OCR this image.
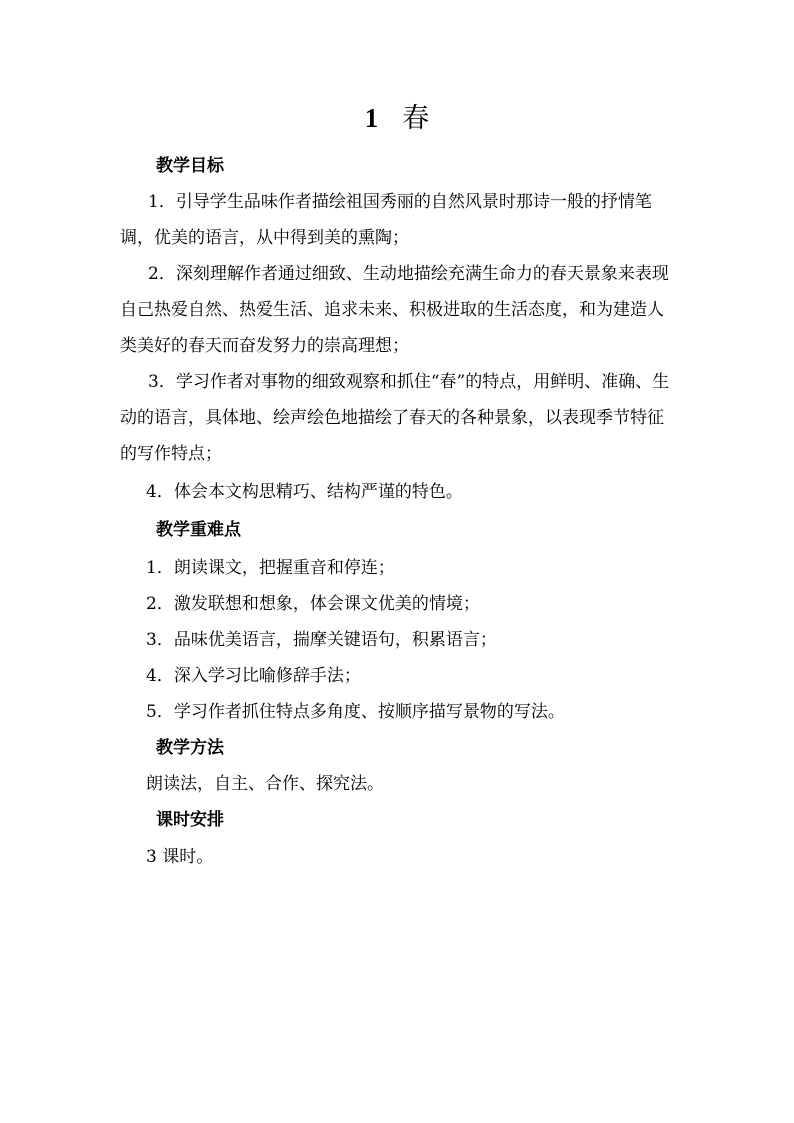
1 春
教学目标
1．引导学生品味作者描绘祖国秀丽的自然风景时那诗一般的抒情笔调，优美的语言，从中得到美的熏陶；
2．深刻理解作者通过细致、生动地描绘充满生命力的春天景象来表现自己热爱自然、热爱生活、追求未来、积极进取的生活态度，和为建造人类美好的春天而奋发努力的崇高理想；
3．学习作者对事物的细致观察和抓住“春”的特点，用鲜明、准确、生动的语言，具体地、绘声绘色地描绘了春天的各种景象，以表现季节特征的写作特点；
4．体会本文构思精巧、结构严谨的特色。
教学重难点
1．朗读课文，把握重音和停连；
2．激发联想和想象，体会课文优美的情境；
3．品味优美语言，揣摩关键语句，积累语言；
4．深入学习比喻修辞手法；
5．学习作者抓住特点多角度、按顺序描写景物的写法。
教学方法
朗读法，自主、合作、探究法。
课时安排
3 课时。
